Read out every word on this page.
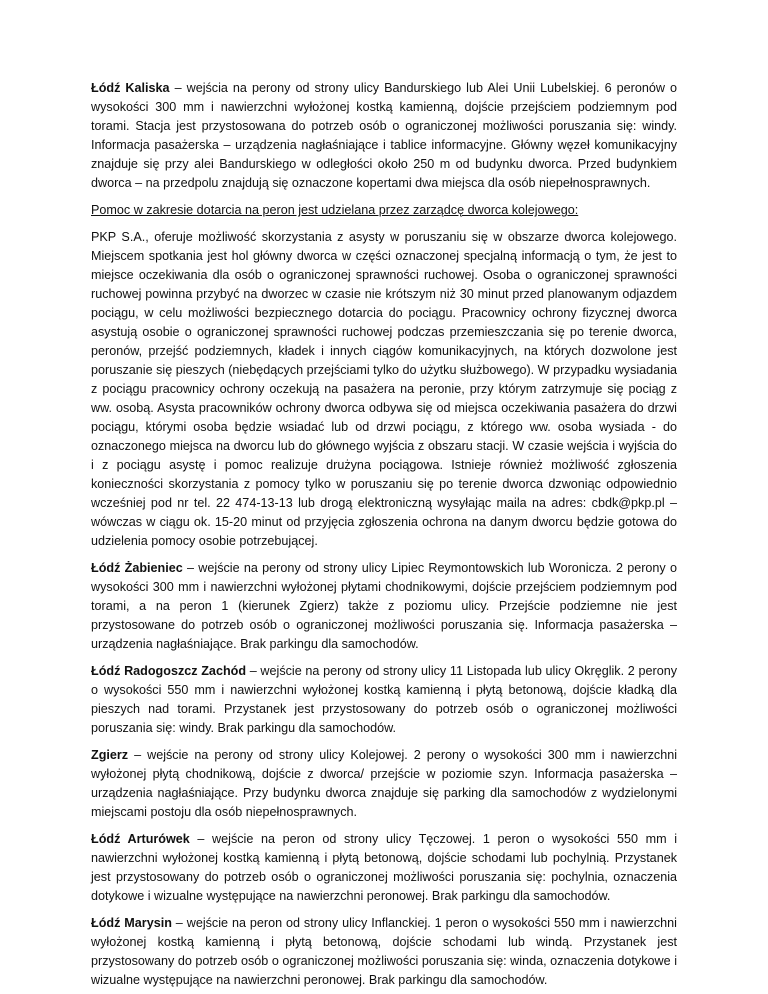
Łódź Kaliska – wejścia na perony od strony ulicy Bandurskiego lub Alei Unii Lubelskiej. 6 peronów o wysokości 300 mm i nawierzchni wyłożonej kostką kamienną, dojście przejściem podziemnym pod torami. Stacja jest przystosowana do potrzeb osób o ograniczonej możliwości poruszania się: windy. Informacja pasażerska – urządzenia nagłaśniające i tablice informacyjne. Główny węzeł komunikacyjny znajduje się przy alei Bandurskiego w odległości około 250 m od budynku dworca. Przed budynkiem dworca – na przedpolu znajdują się oznaczone kopertami dwa miejsca dla osób niepełnosprawnych.

Pomoc w zakresie dotarcia na peron jest udzielana przez zarządcę dworca kolejowego:

PKP S.A., oferuje możliwość skorzystania z asysty w poruszaniu się w obszarze dworca kolejowego. Miejscem spotkania jest hol główny dworca w części oznaczonej specjalną informacją o tym, że jest to miejsce oczekiwania dla osób o ograniczonej sprawności ruchowej. Osoba o ograniczonej sprawności ruchowej powinna przybyć na dworzec w czasie nie krótszym niż 30 minut przed planowanym odjazdem pociągu, w celu możliwości bezpiecznego dotarcia do pociągu. Pracownicy ochrony fizycznej dworca asystują osobie o ograniczonej sprawności ruchowej podczas przemieszczania się po terenie dworca, peronów, przejść podziemnych, kładek i innych ciągów komunikacyjnych, na których dozwolone jest poruszanie się pieszych (niebędących przejściami tylko do użytku służbowego). W przypadku wysiadania z pociągu pracownicy ochrony oczekują na pasażera na peronie, przy którym zatrzymuje się pociąg z ww. osobą. Asysta pracowników ochrony dworca odbywa się od miejsca oczekiwania pasażera do drzwi pociągu, którymi osoba będzie wsiadać lub od drzwi pociągu, z którego ww. osoba wysiada - do oznaczonego miejsca na dworcu lub do głównego wyjścia z obszaru stacji. W czasie wejścia i wyjścia do i z pociągu asystę i pomoc realizuje drużyna pociągowa. Istnieje również możliwość zgłoszenia konieczności skorzystania z pomocy tylko w poruszaniu się po terenie dworca dzwoniąc odpowiednio wcześniej pod nr tel. 22 474-13-13 lub drogą elektroniczną wysyłając maila na adres: cbdk@pkp.pl –wówczas w ciągu ok. 15-20 minut od przyjęcia zgłoszenia ochrona na danym dworcu będzie gotowa do udzielenia pomocy osobie potrzebującej.

Łódź Żabieniec – wejście na perony od strony ulicy Lipiec Reymontowskich lub Woronicza. 2 perony o wysokości 300 mm i nawierzchni wyłożonej płytami chodnikowymi, dojście przejściem podziemnym pod torami, a na peron 1 (kierunek Zgierz) także z poziomu ulicy. Przejście podziemne nie jest przystosowane do potrzeb osób o ograniczonej możliwości poruszania się. Informacja pasażerska – urządzenia nagłaśniające. Brak parkingu dla samochodów.

Łódź Radogoszcz Zachód – wejście na perony od strony ulicy 11 Listopada lub ulicy Okręglik. 2 perony o wysokości 550 mm i nawierzchni wyłożonej kostką kamienną i płytą betonową, dojście kładką dla pieszych nad torami. Przystanek jest przystosowany do potrzeb osób o ograniczonej możliwości poruszania się: windy. Brak parkingu dla samochodów.

Zgierz – wejście na perony od strony ulicy Kolejowej. 2 perony o wysokości 300 mm i nawierzchni wyłożonej płytą chodnikową, dojście z dworca/ przejście w poziomie szyn. Informacja pasażerska – urządzenia nagłaśniające. Przy budynku dworca znajduje się parking dla samochodów z wydzielonymi miejscami postoju dla osób niepełnosprawnych.

Łódź Arturówek – wejście na peron od strony ulicy Tęczowej. 1 peron o wysokości 550 mm i nawierzchni wyłożonej kostką kamienną i płytą betonową, dojście schodami lub pochylnią. Przystanek jest przystosowany do potrzeb osób o ograniczonej możliwości poruszania się: pochylnia, oznaczenia dotykowe i wizualne występujące na nawierzchni peronowej. Brak parkingu dla samochodów.

Łódź Marysin – wejście na peron od strony ulicy Inflanckiej. 1 peron o wysokości 550 mm i nawierzchni wyłożonej kostką kamienną i płytą betonową, dojście schodami lub windą. Przystanek jest przystosowany do potrzeb osób o ograniczonej możliwości poruszania się: winda, oznaczenia dotykowe i wizualne występujące na nawierzchni peronowej. Brak parkingu dla samochodów.
